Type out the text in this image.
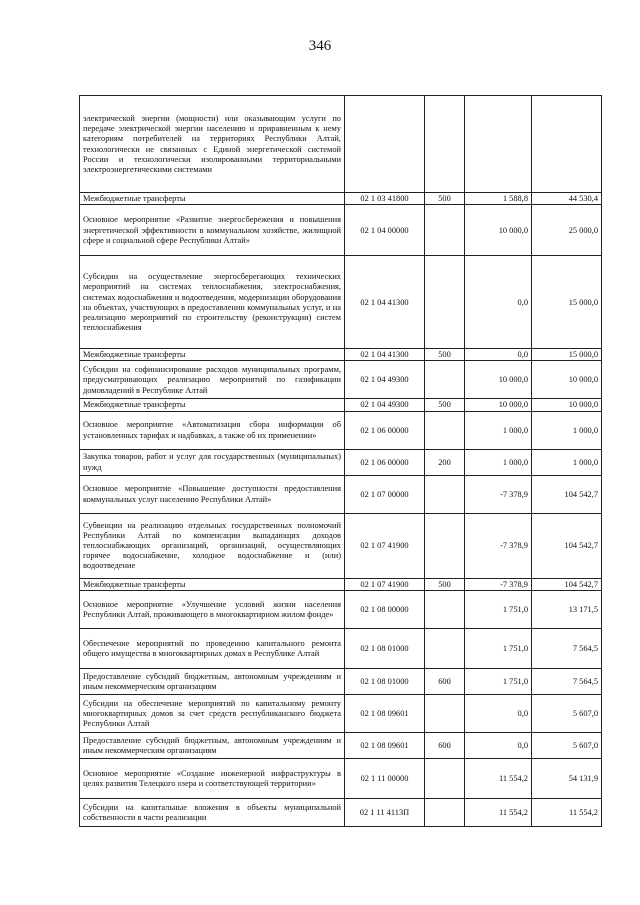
346
электрической энергии (мощности) или оказывающим услуги по передаче электрической энергии населению и приравненным к нему категориям потребителей на территориях Республики Алтай, технологически не связанных с Единой энергетической системой России и технологически изолированными территориальными электроэнергетическими системами				
Межбюджетные трансферты	02 1 03 41800	500	1 588,8	44 530,4
Основное мероприятие «Развитие энергосбережения и повышения энергетической эффективности в коммунальном хозяйстве, жилищной сфере и социальной сфере Республики Алтай»	02 1 04 00000		10 000,0	25 000,0
Субсидии на осуществление энергосберегающих технических мероприятий на системах теплоснабжения, электроснабжения, системах водоснабжения и водоотведения, модернизации оборудования на объектах, участвующих в предоставлении коммунальных услуг, и на реализацию мероприятий по строительству (реконструкции) систем теплоснабжения	02 1 04 41300		0,0	15 000,0
Межбюджетные трансферты	02 1 04 41300	500	0,0	15 000,0
Субсидии на софинансирование расходов муниципальных программ, предусматривающих реализацию мероприятий по газификации домовладений в Республике Алтай	02 1 04 49300		10 000,0	10 000,0
Межбюджетные трансферты	02 1 04 49300	500	10 000,0	10 000,0
Основное мероприятие «Автоматизация сбора информации об установленных тарифах и надбавках, а также об их применении»	02 1 06 00000		1 000,0	1 000,0
Закупка товаров, работ и услуг для государственных (муниципальных) нужд	02 1 06 00000	200	1 000,0	1 000,0
Основное мероприятие «Повышение доступности предоставления коммунальных услуг населению Республики Алтай»	02 1 07 00000		-7 378,9	104 542,7
Субвенции на реализацию отдельных государственных полномочий Республики Алтай по компенсации выпадающих доходов теплоснабжающих организаций, организаций, осуществляющих горячее водоснабжение, холодное водоснабжение и (или) водоотведение	02 1 07 41900		-7 378,9	104 542,7
Межбюджетные трансферты	02 1 07 41900	500	-7 378,9	104 542,7
Основное мероприятие «Улучшение условий жизни населения Республики Алтай, проживающего в многоквартирном жилом фонде»	02 1 08 00000		1 751,0	13 171,5
Обеспечение мероприятий по проведению капитального ремонта общего имущества в многоквартирных домах в Республике Алтай	02 1 08 01000		1 751,0	7 564,5
Предоставление субсидий бюджетным, автономным учреждениям и иным некоммерческим организациям	02 1 08 01000	600	1 751,0	7 564,5
Субсидии на обеспечение мероприятий по капитальному ремонту многоквартирных домов за счет средств республиканского бюджета Республики Алтай	02 1 08 09601		0,0	5 607,0
Предоставление субсидий бюджетным, автономным учреждениям и иным некоммерческим организациям	02 1 08 09601	600	0,0	5 607,0
Основное мероприятие «Создание инженерной инфраструктуры в целях развития Телецкого озера и соответствующей территории»	02 1 11 00000		11 554,2	54 131,9
Субсидии на капитальные вложения в объекты муниципальной собственности в части реализации	02 1 11 4113П		11 554,2	11 554,2
